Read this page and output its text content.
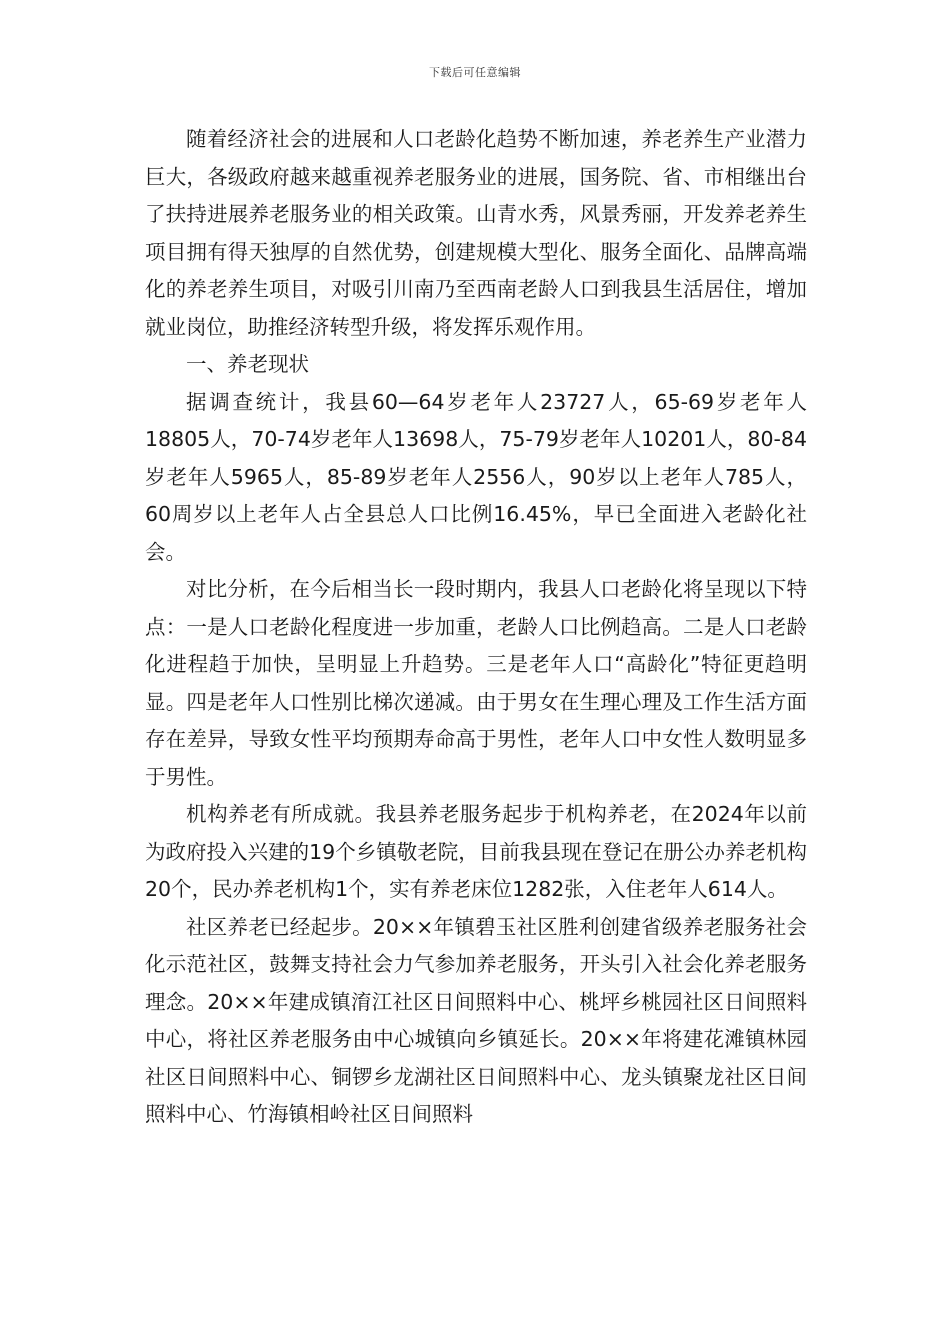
下载后可任意编辑

随着经济社会的进展和人口老龄化趋势不断加速，养老养生产业潜力巨大，各级政府越来越重视养老服务业的进展，国务院、省、市相继出台了扶持进展养老服务业的相关政策。山青水秀，风景秀丽，开发养老养生项目拥有得天独厚的自然优势，创建规模大型化、服务全面化、品牌高端化的养老养生项目，对吸引川南乃至西南老龄人口到我县生活居住，增加就业岗位，助推经济转型升级，将发挥乐观作用。

一、养老现状

据调查统计，我县60—64岁老年人23727人，65-69岁老年人18805人，70-74岁老年人13698人，75-79岁老年人10201人，80-84岁老年人5965人，85-89岁老年人2556人，90岁以上老年人785人，60周岁以上老年人占全县总人口比例16.45%，早已全面进入老龄化社会。

对比分析，在今后相当长一段时期内，我县人口老龄化将呈现以下特点：一是人口老龄化程度进一步加重，老龄人口比例趋高。二是人口老龄化进程趋于加快，呈明显上升趋势。三是老年人口“高龄化”特征更趋明显。四是老年人口性别比梯次递减。由于男女在生理心理及工作生活方面存在差异，导致女性平均预期寿命高于男性，老年人口中女性人数明显多于男性。

机构养老有所成就。我县养老服务起步于机构养老，在2024年以前为政府投入兴建的19个乡镇敬老院，目前我县现在登记在册公办养老机构20个，民办养老机构1个，实有养老床位1282张，入住老年人614人。

社区养老已经起步。20××年镇碧玉社区胜利创建省级养老服务社会化示范社区，鼓舞支持社会力气参加养老服务，开头引入社会化养老服务理念。20××年建成镇淯江社区日间照料中心、桃坪乡桃园社区日间照料中心，将社区养老服务由中心城镇向乡镇延长。20××年将建花滩镇林园社区日间照料中心、铜锣乡龙湖社区日间照料中心、龙头镇聚龙社区日间照料中心、竹海镇相岭社区日间照料
